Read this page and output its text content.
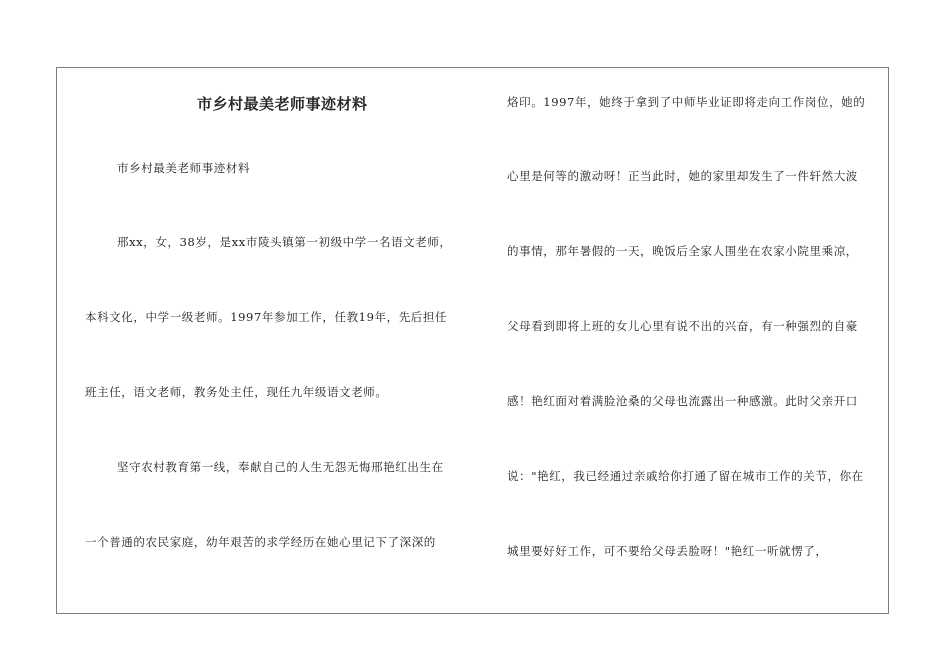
市乡村最美老师事迹材料
市乡村最美老师事迹材料
邢xx，女，38岁，是xx市陵头镇第一初级中学一名语文老师，
本科文化，中学一级老师。1997年参加工作，任教19年，先后担任
班主任，语文老师，教务处主任，现任九年级语文老师。
坚守农村教育第一线，奉献自己的人生无怨无悔邢艳红出生在
一个普通的农民家庭，幼年艰苦的求学经历在她心里记下了深深的
烙印。1997年，她终于拿到了中师毕业证即将走向工作岗位，她的
心里是何等的激动呀！正当此时，她的家里却发生了一件轩然大波
的事情，那年暑假的一天，晚饭后全家人围坐在农家小院里乘凉，
父母看到即将上班的女儿心里有说不出的兴奋，有一种强烈的自豪
感！艳红面对着满脸沧桑的父母也流露出一种感激。此时父亲开口
说："艳红，我已经通过亲戚给你打通了留在城市工作的关节，你在
城里要好好工作，可不要给父母丢脸呀！"艳红一听就愣了，
